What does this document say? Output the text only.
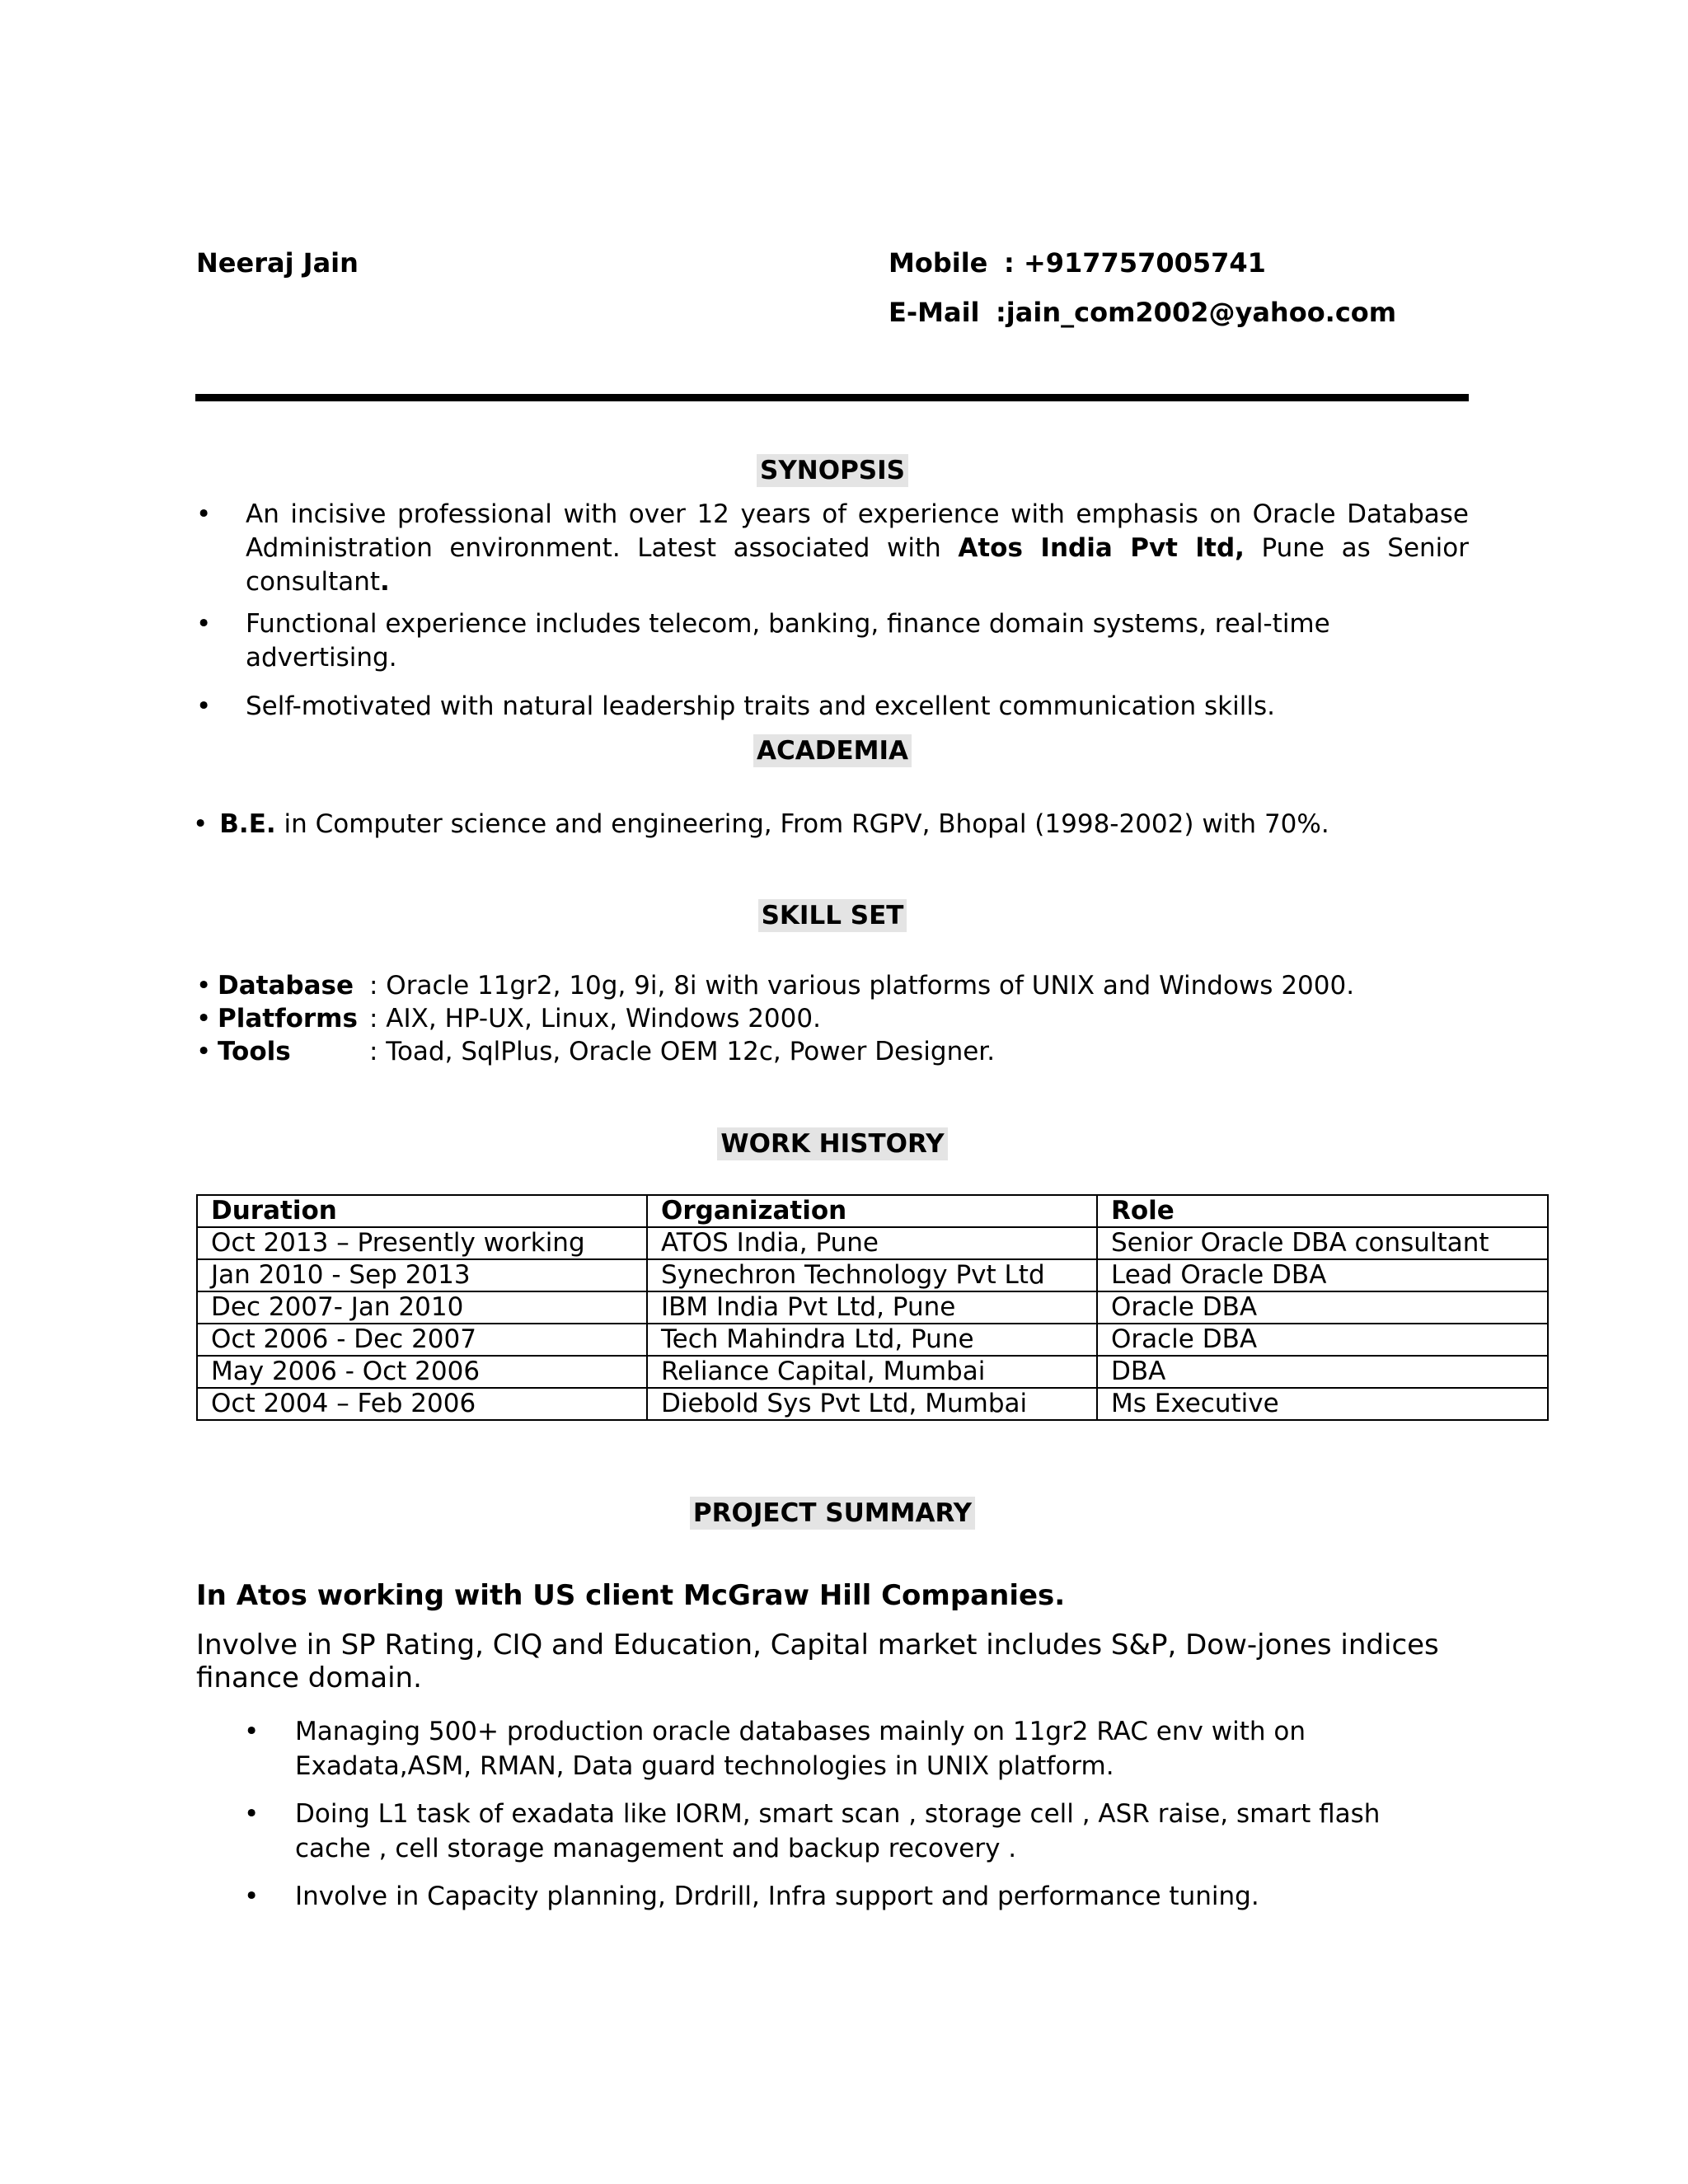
Neeraj Jain	Mobile : +917757005741
E-Mail :jain_com2002@yahoo.com
SYNOPSIS
• An incisive professional with over 12 years of experience with emphasis on Oracle Database Administration environment. Latest associated with Atos India Pvt ltd, Pune as Senior consultant.
• Functional experience includes telecom, banking, finance domain systems, real-time advertising.
• Self-motivated with natural leadership traits and excellent communication skills.
ACADEMIA
• B.E. in Computer science and engineering, From RGPV, Bhopal (1998-2002) with 70%.
SKILL SET
• Database : Oracle 11gr2, 10g, 9i, 8i with various platforms of UNIX and Windows 2000.
• Platforms : AIX, HP-UX, Linux, Windows 2000.
• Tools	: Toad, SqlPlus, Oracle OEM 12c, Power Designer.
WORK HISTORY
Duration	Organization	Role
Oct 2013 – Presently working	ATOS India, Pune	Senior Oracle DBA consultant
Jan 2010 - Sep 2013	Synechron Technology Pvt Ltd	Lead Oracle DBA
Dec 2007- Jan 2010	IBM India Pvt Ltd, Pune	Oracle DBA
Oct 2006 - Dec 2007	Tech Mahindra Ltd, Pune	Oracle DBA
May 2006 - Oct 2006	Reliance Capital, Mumbai	DBA
Oct 2004 – Feb 2006	Diebold Sys Pvt Ltd, Mumbai	Ms Executive
PROJECT SUMMARY
In Atos working with US client McGraw Hill Companies.
Involve in SP Rating, CIQ and Education, Capital market includes S&P, Dow-jones indices finance domain.
• Managing 500+ production oracle databases mainly on 11gr2 RAC env with on Exadata,ASM, RMAN, Data guard technologies in UNIX platform.
• Doing L1 task of exadata like IORM, smart scan , storage cell , ASR raise, smart flash cache , cell storage management and backup recovery .
• Involve in Capacity planning, Drdrill, Infra support and performance tuning.
